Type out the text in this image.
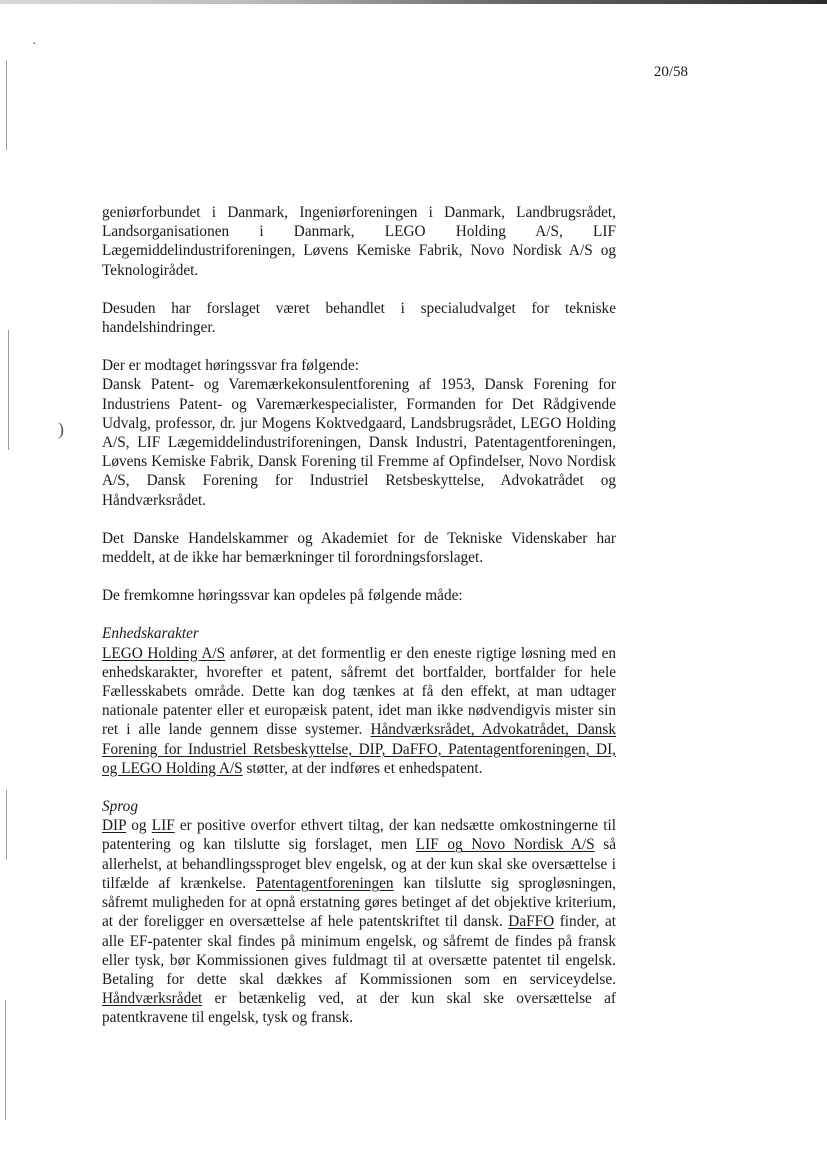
·
)
20/58

geniørforbundet i Danmark, Ingeniørforeningen i Danmark, Landbrugsrådet, Landsorganisationen i Danmark, LEGO Holding A/S, LIF Lægemiddelindustriforeningen, Løvens Kemiske Fabrik, Novo Nordisk A/S og Teknologirådet.

Desuden har forslaget været behandlet i specialudvalget for tekniske handelshindringer.

Der er modtaget høringssvar fra følgende:
Dansk Patent- og Varemærkekonsulentforening af 1953, Dansk Forening for Industriens Patent- og Varemærkespecialister, Formanden for Det Rådgivende Udvalg, professor, dr. jur Mogens Koktvedgaard, Landsbrugsrådet, LEGO Holding A/S, LIF Lægemiddelindustriforeningen, Dansk Industri, Patentagentforeningen, Løvens Kemiske Fabrik, Dansk Forening til Fremme af Opfindelser, Novo Nordisk A/S, Dansk Forening for Industriel Retsbeskyttelse, Advokatrådet og Håndværksrådet.

Det Danske Handelskammer og Akademiet for de Tekniske Videnskaber har meddelt, at de ikke har bemærkninger til forordningsforslaget.

De fremkomne høringssvar kan opdeles på følgende måde:

Enhedskarakter
LEGO Holding A/S anfører, at det formentlig er den eneste rigtige løsning med en enhedskarakter, hvorefter et patent, såfremt det bortfalder, bortfalder for hele Fællesskabets område. Dette kan dog tænkes at få den effekt, at man udtager nationale patenter eller et europæisk patent, idet man ikke nødvendigvis mister sin ret i alle lande gennem disse systemer. Håndværksrådet, Advokatrådet, Dansk Forening for Industriel Retsbeskyttelse, DIP, DaFFO, Patentagentforeningen, DI, og LEGO Holding A/S støtter, at der indføres et enhedspatent.

Sprog
DIP og LIF er positive overfor ethvert tiltag, der kan nedsætte omkostningerne til patentering og kan tilslutte sig forslaget, men LIF og Novo Nordisk A/S så allerhelst, at behandlingssproget blev engelsk, og at der kun skal ske oversættelse i tilfælde af krænkelse. Patentagentforeningen kan tilslutte sig sprogløsningen, såfremt muligheden for at opnå erstatning gøres betinget af det objektive kriterium, at der foreligger en oversættelse af hele patentskriftet til dansk. DaFFO finder, at alle EF-patenter skal findes på minimum engelsk, og såfremt de findes på fransk eller tysk, bør Kommissionen gives fuldmagt til at oversætte patentet til engelsk. Betaling for dette skal dækkes af Kommissionen som en serviceydelse. Håndværksrådet er betænkelig ved, at der kun skal ske oversættelse af patentkravene til engelsk, tysk og fransk.
